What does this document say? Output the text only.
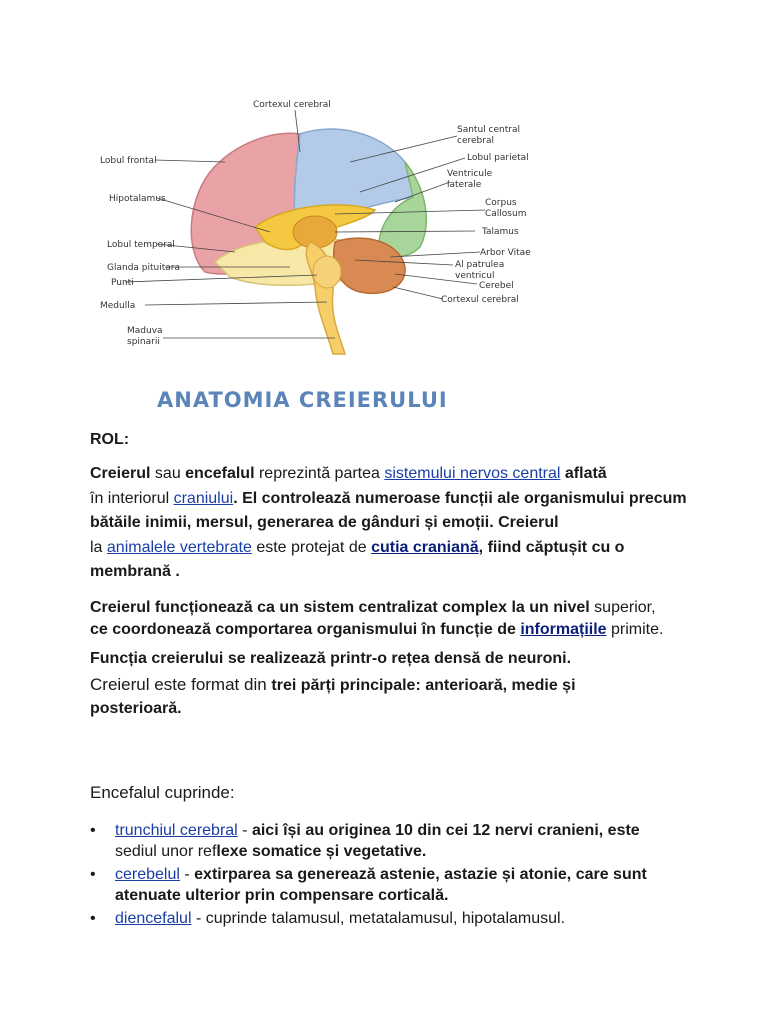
Cortexul cerebral
Santul central
cerebral
Lobul frontal	Lobul parietal
Ventricule
laterale
Hipotalamus	Corpus
Callosum
Talamus
Lobul temporal
Arbor Vitae
Al patrulea
ventricul
Glanda pituitara
Punti	Cerebel
Medulla
Cortexul cerebral
Maduva
spinarii
ANATOMIA CREIERULUI

ROL:

Creierul sau encefalul reprezintă partea sistemului nervos central aflată
în interiorul craniului. El controlează numeroase funcții ale organismului precum bătăile inimii, mersul, generarea de gânduri și emoții. Creierul
la animalele vertebrate este protejat de cutia craniană, fiind căptușit cu o membrană .

Creierul funcționează ca un sistem centralizat complex la un nivel superior,
ce coordonează comportarea organismului în funcție de informațiile primite.

Funcția creierului se realizează printr-o rețea densă de neuroni.

Creierul este format din trei părți principale: anterioară, medie și
posterioară.

Encefalul cuprinde:

• trunchiul cerebral - aici își au originea 10 din cei 12 nervi cranieni, este
sediul unor reflexe somatice și vegetative.
• cerebelul - extirparea sa generează astenie, astazie și atonie, care sunt atenuate ulterior prin compensare corticală.
• diencefalul - cuprinde talamusul, metatalamusul, hipotalamusul.
